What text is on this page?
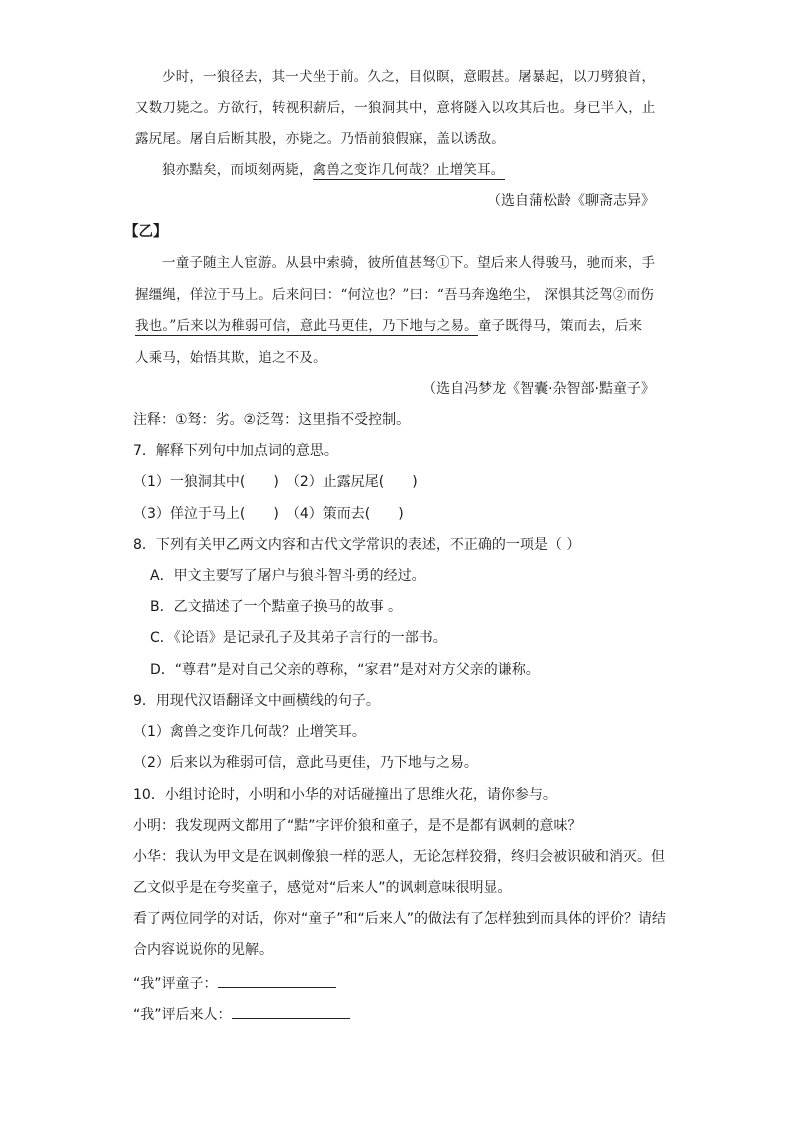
少时，一狼径去，其一犬坐于前。久之，目似瞑，意暇甚。屠暴起，以刀劈狼首，
又数刀毙之。方欲行，转视积薪后，一狼洞其中，意将隧入以攻其后也。身已半入，止
露尻尾。屠自后断其股，亦毙之。乃悟前狼假寐，盖以诱敌。
狼亦黠矣，而顷刻两毙，禽兽之变诈几何哉？止增笑耳。
（选自蒲松龄《聊斋志异》
【乙】
一童子随主人宦游。从县中索骑，彼所值甚驽①下。望后来人得骏马，驰而来，手
握缰绳，佯泣于马上。后来问曰：“何泣也？”曰：“吾马奔逸绝尘， 深惧其泛驾②而伤
我也。”后来以为稚弱可信，意此马更佳，乃下地与之易。童子既得马，策而去，后来
人乘马，始悟其欺，追之不及。
（选自冯梦龙《智囊·杂智部·黠童子》
注释：①驽：劣。②泛驾：这里指不受控制。
7．解释下列句中加点词的意思。
（1）一狼洞其中(　　)　（2）止露尻尾(　　)
（3）佯泣于马上(　　)　（4）策而去(　　)
8．下列有关甲乙两文内容和古代文学常识的表述，不正确的一项是（ ）
A．甲文主要写了屠户与狼斗智斗勇的经过。
B．乙文描述了一个黠童子换马的故事 。
C．《论语》是记录孔子及其弟子言行的一部书。
D．“尊君”是对自己父亲的尊称，“家君”是对对方父亲的谦称。
9．用现代汉语翻译文中画横线的句子。
（1）禽兽之变诈几何哉？止增笑耳。
（2）后来以为稚弱可信，意此马更佳，乃下地与之易。
10．小组讨论时，小明和小华的对话碰撞出了思维火花，请你参与。
小明：我发现两文都用了“黠”字评价狼和童子，是不是都有讽刺的意味？
小华：我认为甲文是在讽刺像狼一样的恶人，无论怎样狡猾，终归会被识破和消灭。但
乙文似乎是在夸奖童子，感觉对“后来人”的讽刺意味很明显。
看了两位同学的对话，你对“童子”和“后来人”的做法有了怎样独到而具体的评价？请结
合内容说说你的见解。
“我”评童子：
“我”评后来人：
